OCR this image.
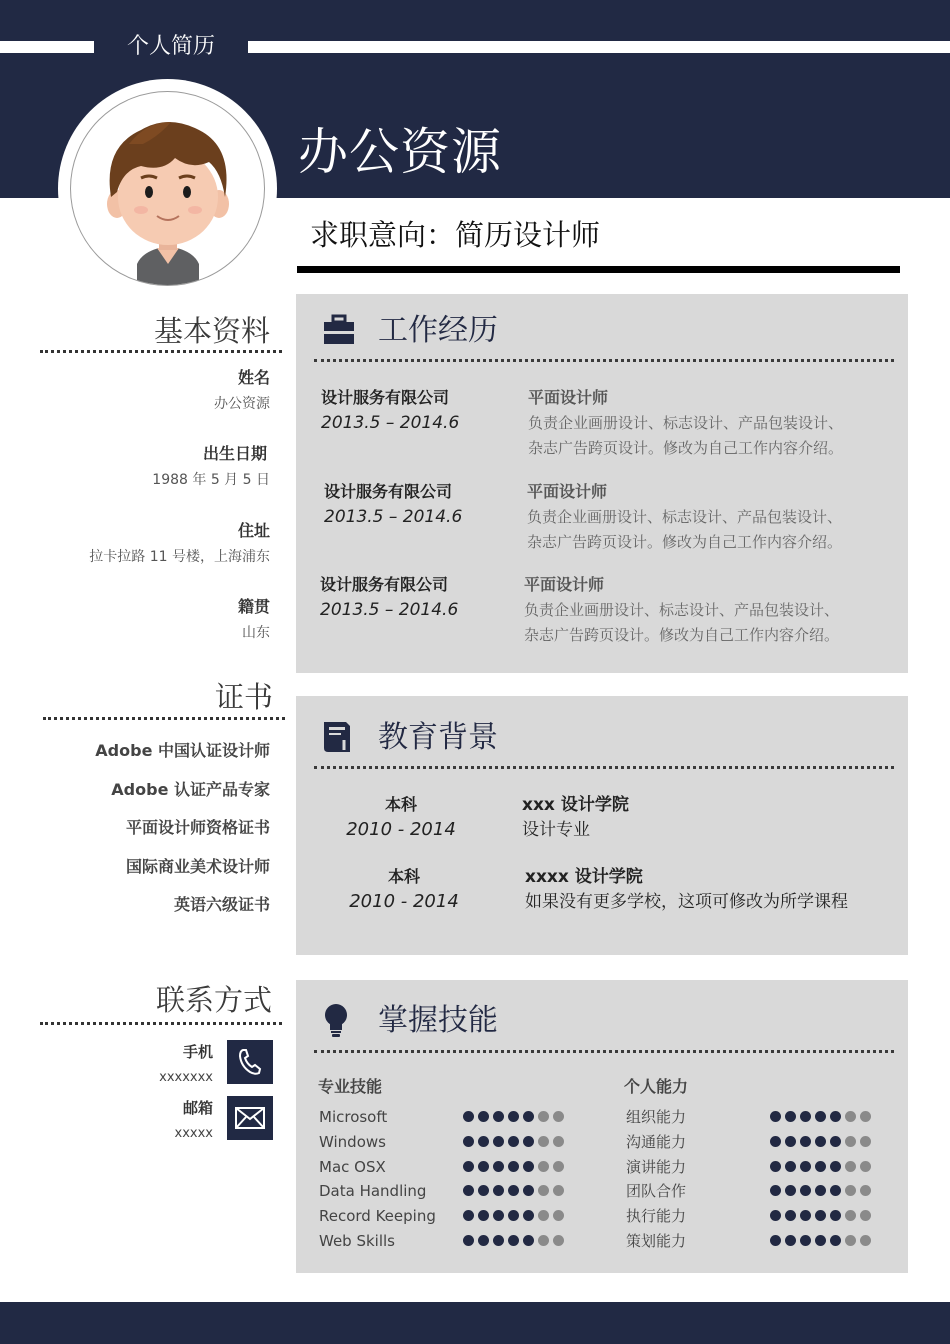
个人简历
办公资源
求职意向：简历设计师
基本资料
姓名
办公资源
出生日期
1988 年 5 月 5 日
住址
拉卡拉路 11 号楼，上海浦东
籍贯
山东
证书
Adobe 中国认证设计师
Adobe 认证产品专家
平面设计师资格证书
国际商业美术设计师
英语六级证书
联系方式
手机
xxxxxxx
邮箱
xxxxx
工作经历
设计服务有限公司
2013.5 – 2014.6
平面设计师
负责企业画册设计、标志设计、产品包装设计、
杂志广告跨页设计。修改为自己工作内容介绍。
设计服务有限公司
2013.5 – 2014.6
平面设计师
负责企业画册设计、标志设计、产品包装设计、
杂志广告跨页设计。修改为自己工作内容介绍。
设计服务有限公司
2013.5 – 2014.6
平面设计师
负责企业画册设计、标志设计、产品包装设计、
杂志广告跨页设计。修改为自己工作内容介绍。
教育背景
本科
2010 - 2014
xxx 设计学院
设计专业
本科
2010 - 2014
xxxx 设计学院
如果没有更多学校，这项可修改为所学课程
掌握技能
专业技能	个人能力
Microsoft
Windows
Mac OSX
Data Handling
Record Keeping
Web Skills
组织能力
沟通能力
演讲能力
团队合作
执行能力
策划能力
